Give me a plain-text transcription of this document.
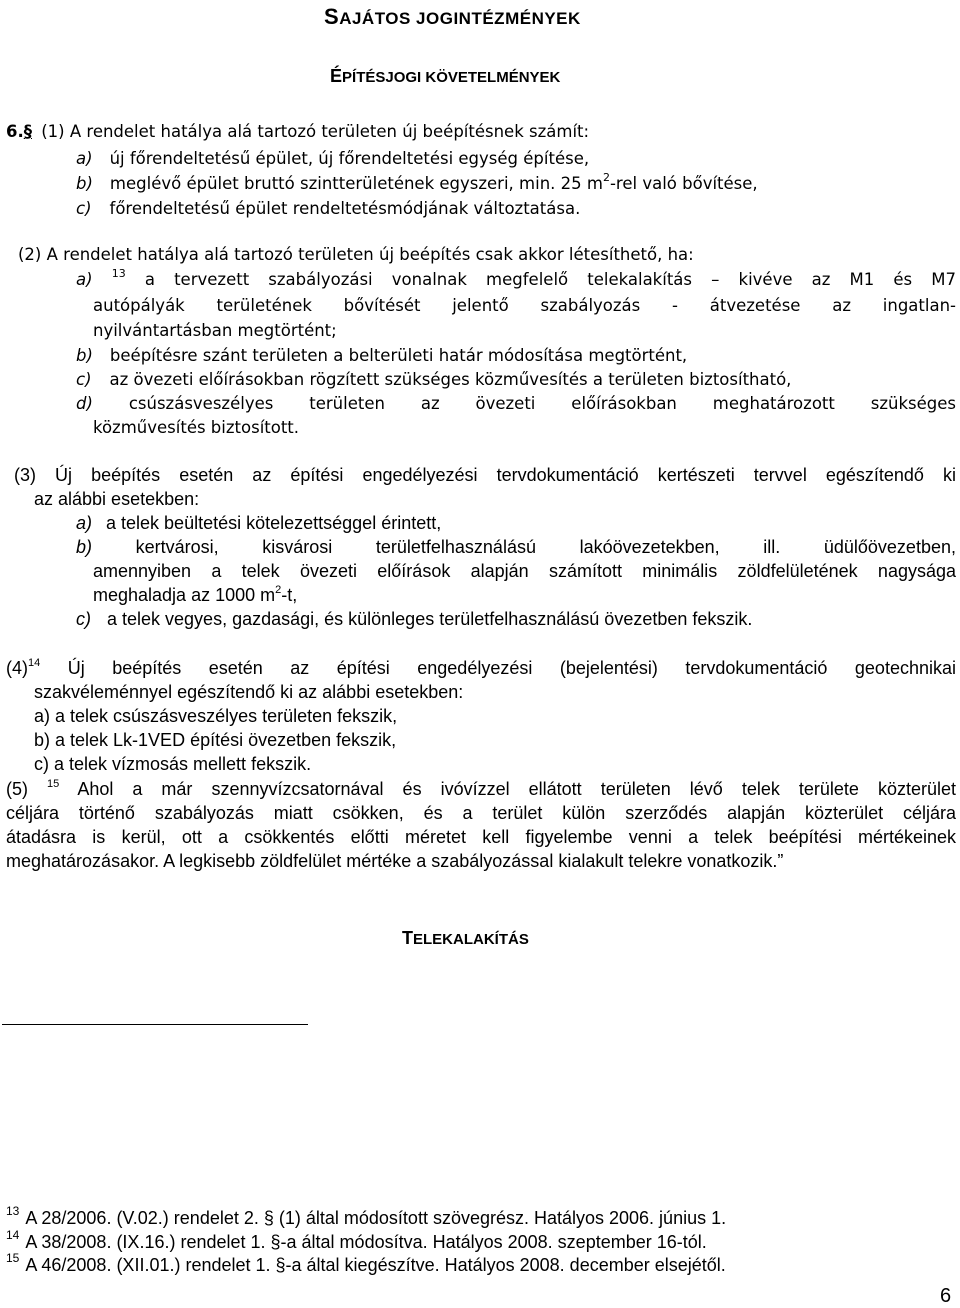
SAJÁTOS JOGINTÉZMÉNYEK
ÉPÍTÉSJOGI KÖVETELMÉNYEK
6.§ (1) A rendelet hatálya alá tartozó területen új beépítésnek számít:
a) új főrendeltetésű épület, új főrendeltetési egység építése,
b) meglévő épület bruttó szintterületének egyszeri, min. 25 $m^2$-rel való bővítése,
c) főrendeltetésű épület rendeltetésmódjának változtatása.
(2) A rendelet hatálya alá tartozó területen új beépítés csak akkor létesíthető, ha:
a) $^{13}$ a tervezett szabályozási vonalnak megfelelő telekalakítás – kivéve az M1 és M7
autópályák területének bővítését jelentő szabályozás - átvezetése az ingatlan-
nyilvántartásban megtörtént;
b) beépítésre szánt területen a belterületi határ módosítása megtörtént,
c) az övezeti előírásokban rögzített szükséges közművesítés a területen biztosítható,
d) csúszásveszélyes területen az övezeti előírásokban meghatározott szükséges
közművesítés biztosított.
(3) Új beépítés esetén az építési engedélyezési tervdokumentáció kertészeti tervvel egészítendő ki
az alábbi esetekben:
a) a telek beültetési kötelezettséggel érintett,
b) kertvárosi, kisvárosi területfelhasználású lakóövezetekben, ill. üdülőövezetben,
amennyiben a telek övezeti előírások alapján számított minimális zöldfelületének nagysága
meghaladja az 1000 $m^2-t$,
c) a telek vegyes, gazdasági, és különleges területfelhasználású övezetben fekszik.
$(4)^{14}$ Új beépítés esetén az építési engedélyezési (bejelentési) tervdokumentáció geotechnikai
szakvéleménnyel egészítendő ki az alábbi esetekben:
a) a telek csúszásveszélyes területen fekszik,
b) a telek Lk-1VED építési övezetben fekszik,
c) a telek vízmosás mellett fekszik.
(5) $^{15}$ Ahol a már szennyvízcsatornával és ivóvízzel ellátott területen lévő telek területe közterület
céljára történő szabályozás miatt csökken, és a terület külön szerződés alapján közterület céljára
átadásra is kerül, ott a csökkentés előtti méretet kell figyelembe venni a telek beépítési mértékeinek
meghatározásakor. A legkisebb zöldfelület mértéke a szabályozással kialakult telekre vonatkozik.”
TELEKALAKÍTÁS
$^{13}$ A 28/2006. (V.02.) rendelet 2. § (1) által módosított szövegrész. Hatályos 2006. június 1.
$^{14}$ A 38/2008. (IX.16.) rendelet 1. §-a által módosítva. Hatályos 2008. szeptember 16-tól.
$^{15}$ A 46/2008. (XII.01.) rendelet 1. §-a által kiegészítve. Hatályos 2008. december elsejétől.
6
